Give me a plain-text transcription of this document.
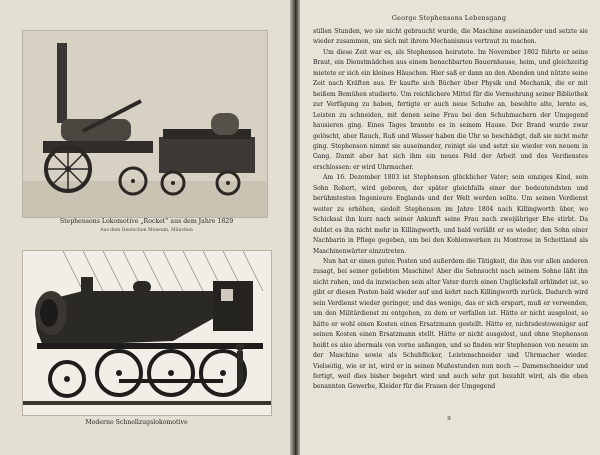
Stephensons Lokomotive „Rocket“ aus dem Jahre 1829
Aus dem Deutschen Museum, München
Moderne Schnellzugslokomotive
George Stephensons Lebensgang

stillen Stunden, wo sie nicht gebraucht wurde, die Maschine auseinander und setzte sie wieder zusammen, um sich mit ihrem Mechanismus vertraut zu machen.

Um diese Zeit war es, als Stephenson heiratete. Im November 1802 führte er seine Braut, ein Dienstmädchen aus einem benachbarten Bauernhause, heim, und gleichzeitig mietete er sich ein kleines Häuschen. Hier saß er dann an den Abenden und nützte seine Zeit nach Kräften aus. Er kaufte sich Bücher über Physik und Mechanik, die er mit heißem Bemühen studierte. Um reichlichere Mittel für die Vermehrung seiner Bibliothek zur Verfügung zu haben, fertigte er auch neue Schuhe an, besohlte alte, lernte es, Leisten zu schneiden, mit denen seine Frau bei den Schuhmachern der Umgegend hausieren ging. Eines Tages brannte es in seinem Hause. Der Brand wurde zwar gelöscht, aber Rauch, Ruß und Wasser haben die Uhr so beschädigt, daß sie nicht mehr ging. Stephenson nimmt sie auseinander, reinigt sie und setzt sie wieder von neuem in Gang. Damit aber hat sich ihm ein neues Feld der Arbeit und des Verdienstes erschlossen: er wird Uhrmacher.

Am 16. Dezember 1803 ist Stephenson glücklicher Vater; sein einziges Kind, sein Sohn Robert, wird geboren, der später gleichfalls einer der bedeutendsten und berühmtesten Ingenieure Englands und der Welt werden sollte. Um seinen Verdienst weiter zu erhöhen, siedelt Stephenson im Jahre 1804 nach Killingworth über, wo Schicksal ihn kurz nach seiner Ankunft seine Frau nach zweijähriger Ehe stirbt. Da duldet es ihn nicht mehr in Killingworth, und bald verläßt er es wieder, den Sohn einer Nachbarin in Pflege gegeben, um bei den Kohlenwerken zu Montrose in Schottland als Maschinenwärter einzutreten.

Nun hat er einen guten Posten und außerdem die Tätigkeit, die ihm vor allen anderen zusagt, bei seiner geliebten Maschine! Aber die Sehnsucht nach seinem Sohne läßt ihn nicht ruhen, und da inzwischen sein alter Vater durch einen Unglücksfall erblindet ist, so gibt er diesen Posten bald wieder auf und kehrt nach Killingworth zurück. Dadurch wird sein Verdienst wieder geringer, und das wenige, das er sich erspart, muß er verwenden, um den Militärdienst zu entgehen, zu dem er verfallen ist. Hätte er nicht ausgelost, so hätte er wohl einen Kosten einen Ersatzmann gestellt. Hätte er, nichtsdestoweniger auf seinen Kosten einen Ersatzmann stellt. Hätte er nicht ausgelost, und ohne Stephenson heißt es also abermals von vorne anfangen, und so finden wir Stephenson von neuem an der Maschine sowie als Schuhflicker, Leistenschneider und Uhrmacher wieder. Vielseitig, wie er ist, wird er in seinen Mußestunden nun noch — Damenschneider und fertigt, weil dies bisher begehrt wird und auch sehr gut bezahlt wird, als die eben benannten Gewerbe, Kleider für die Frauen der Umgegend

9
